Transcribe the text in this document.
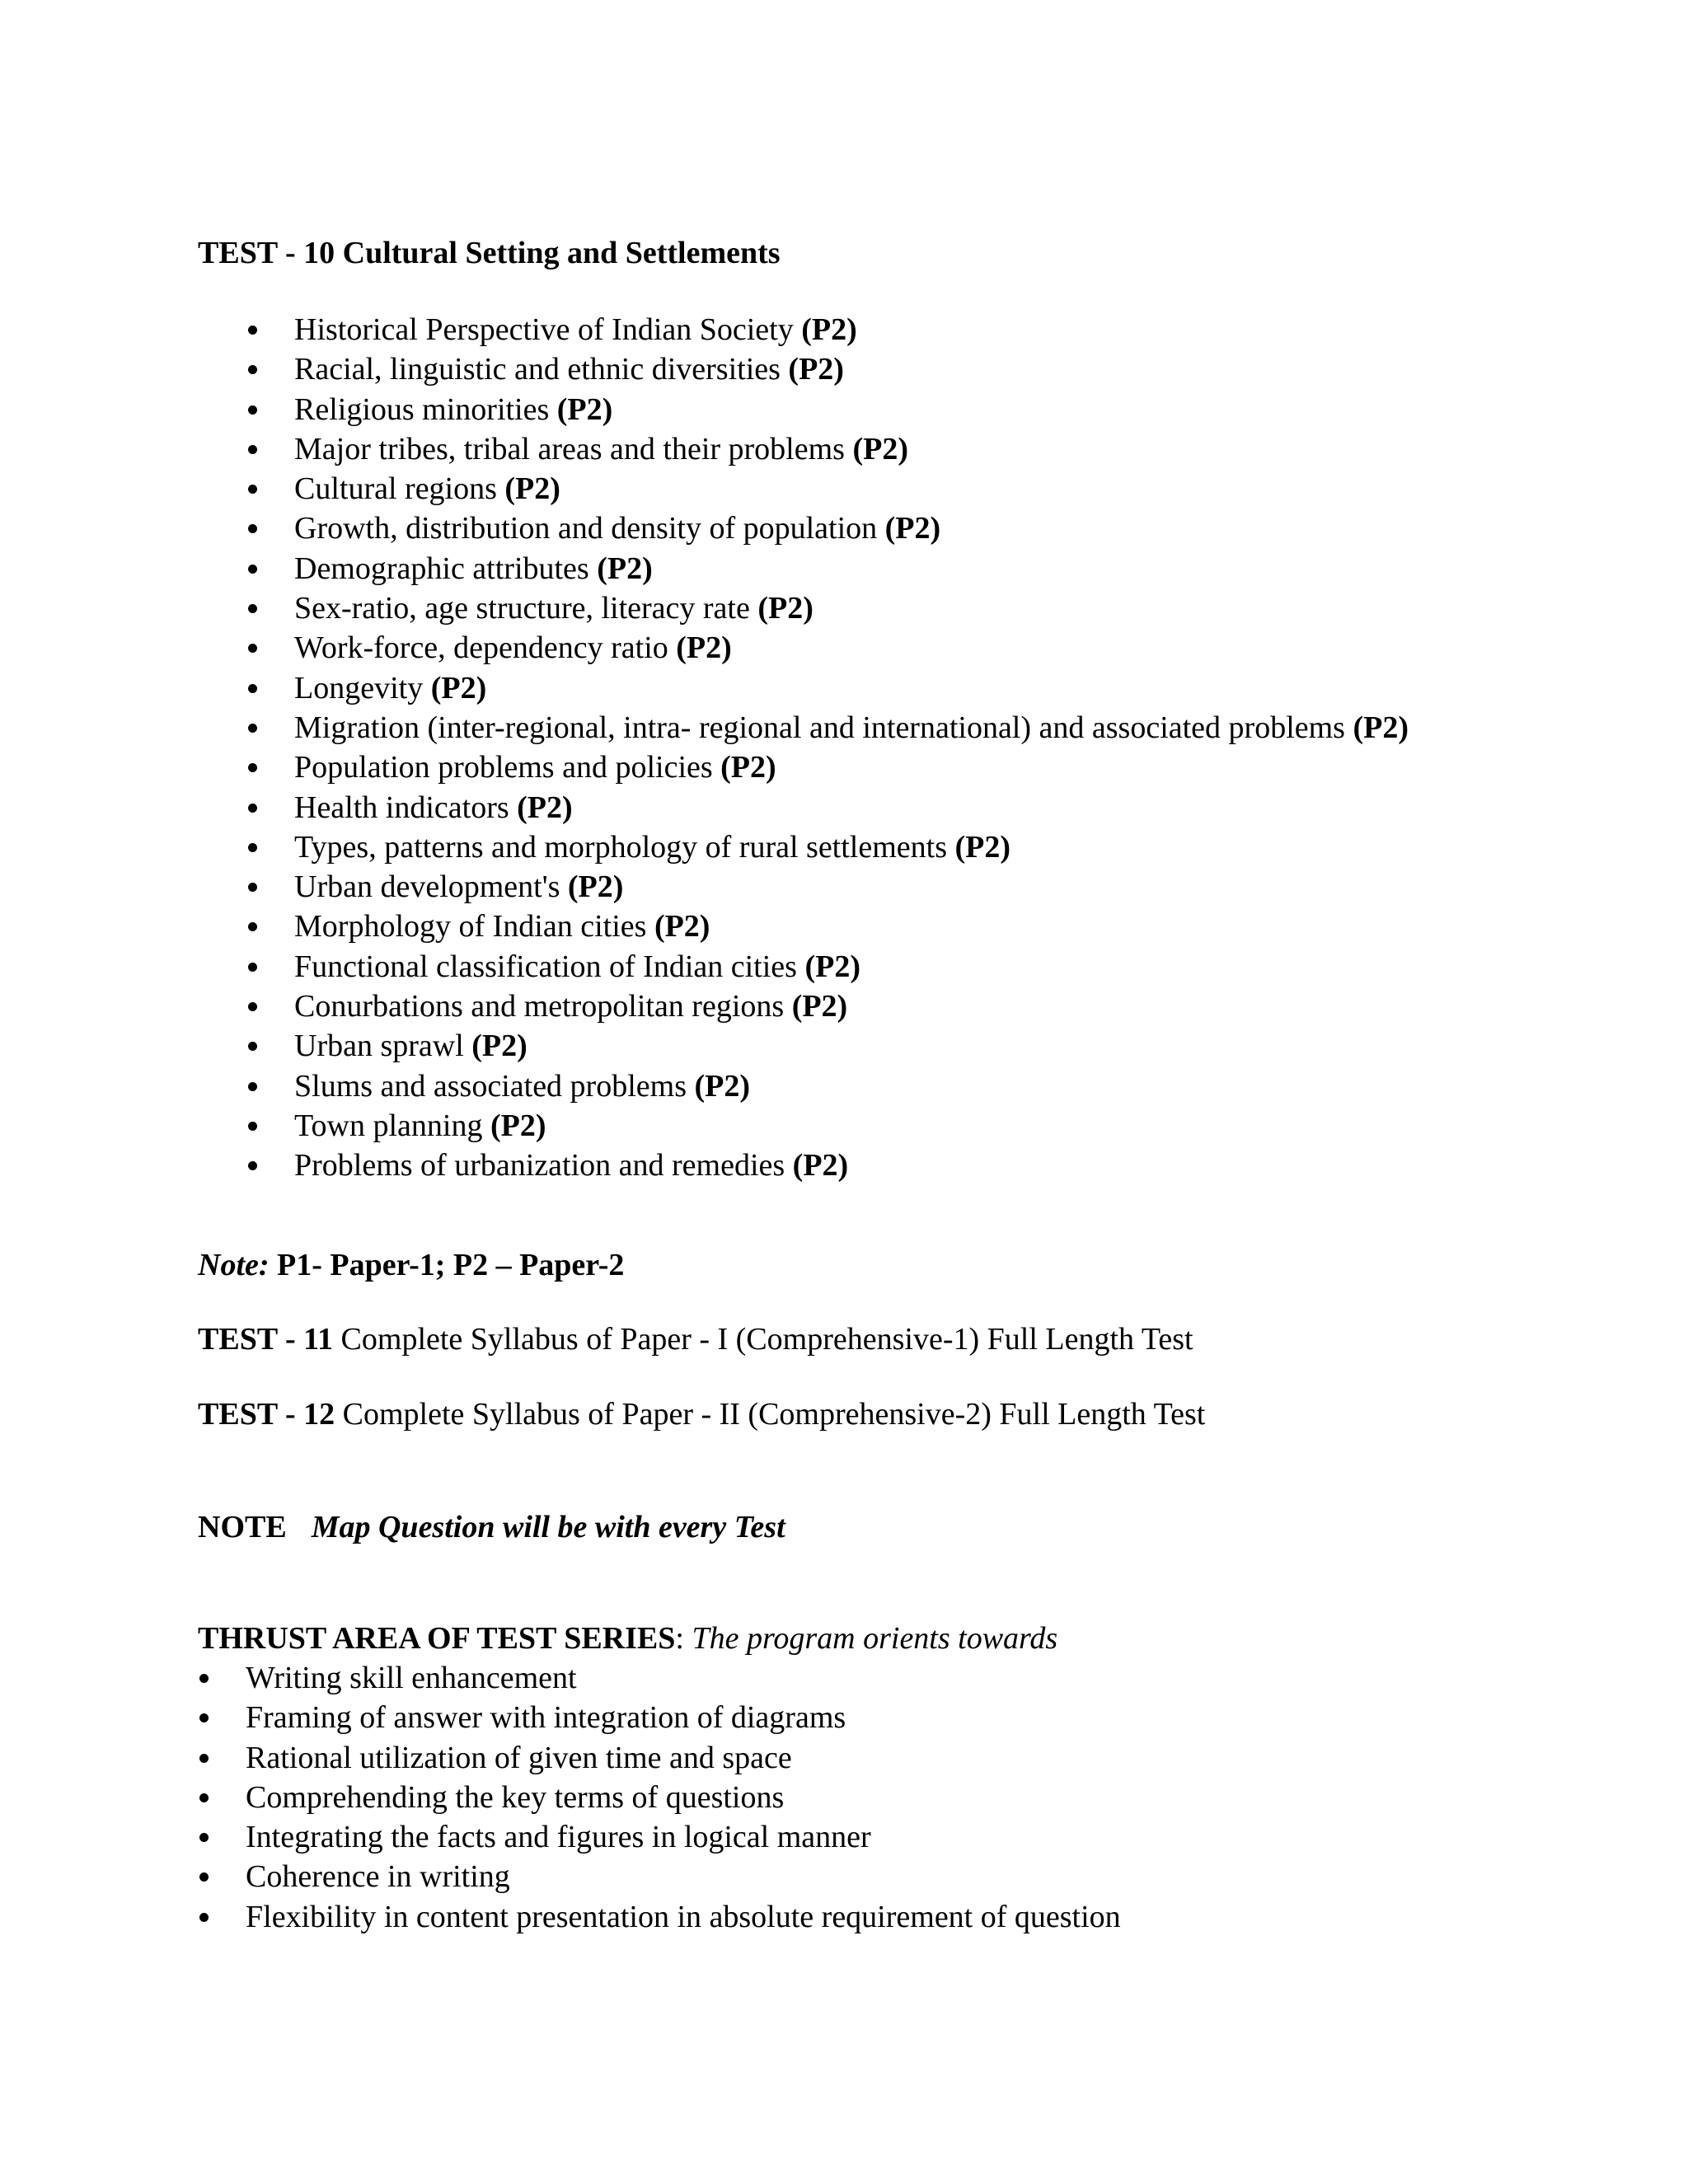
TEST - 10 Cultural Setting and Settlements
Historical Perspective of Indian Society (P2)
Racial, linguistic and ethnic diversities (P2)
Religious minorities (P2)
Major tribes, tribal areas and their problems (P2)
Cultural regions (P2)
Growth, distribution and density of population (P2)
Demographic attributes (P2)
Sex-ratio, age structure, literacy rate (P2)
Work-force, dependency ratio (P2)
Longevity (P2)
Migration (inter-regional, intra- regional and international) and associated problems (P2)
Population problems and policies (P2)
Health indicators (P2)
Types, patterns and morphology of rural settlements (P2)
Urban development's (P2)
Morphology of Indian cities (P2)
Functional classification of Indian cities (P2)
Conurbations and metropolitan regions (P2)
Urban sprawl (P2)
Slums and associated problems (P2)
Town planning (P2)
Problems of urbanization and remedies (P2)
Note: P1- Paper-1; P2 – Paper-2
TEST - 11 Complete Syllabus of Paper - I (Comprehensive-1) Full Length Test
TEST - 12 Complete Syllabus of Paper - II (Comprehensive-2) Full Length Test
NOTE Map Question will be with every Test
THRUST AREA OF TEST SERIES: The program orients towards
Writing skill enhancement
Framing of answer with integration of diagrams
Rational utilization of given time and space
Comprehending the key terms of questions
Integrating the facts and figures in logical manner
Coherence in writing
Flexibility in content presentation in absolute requirement of question
